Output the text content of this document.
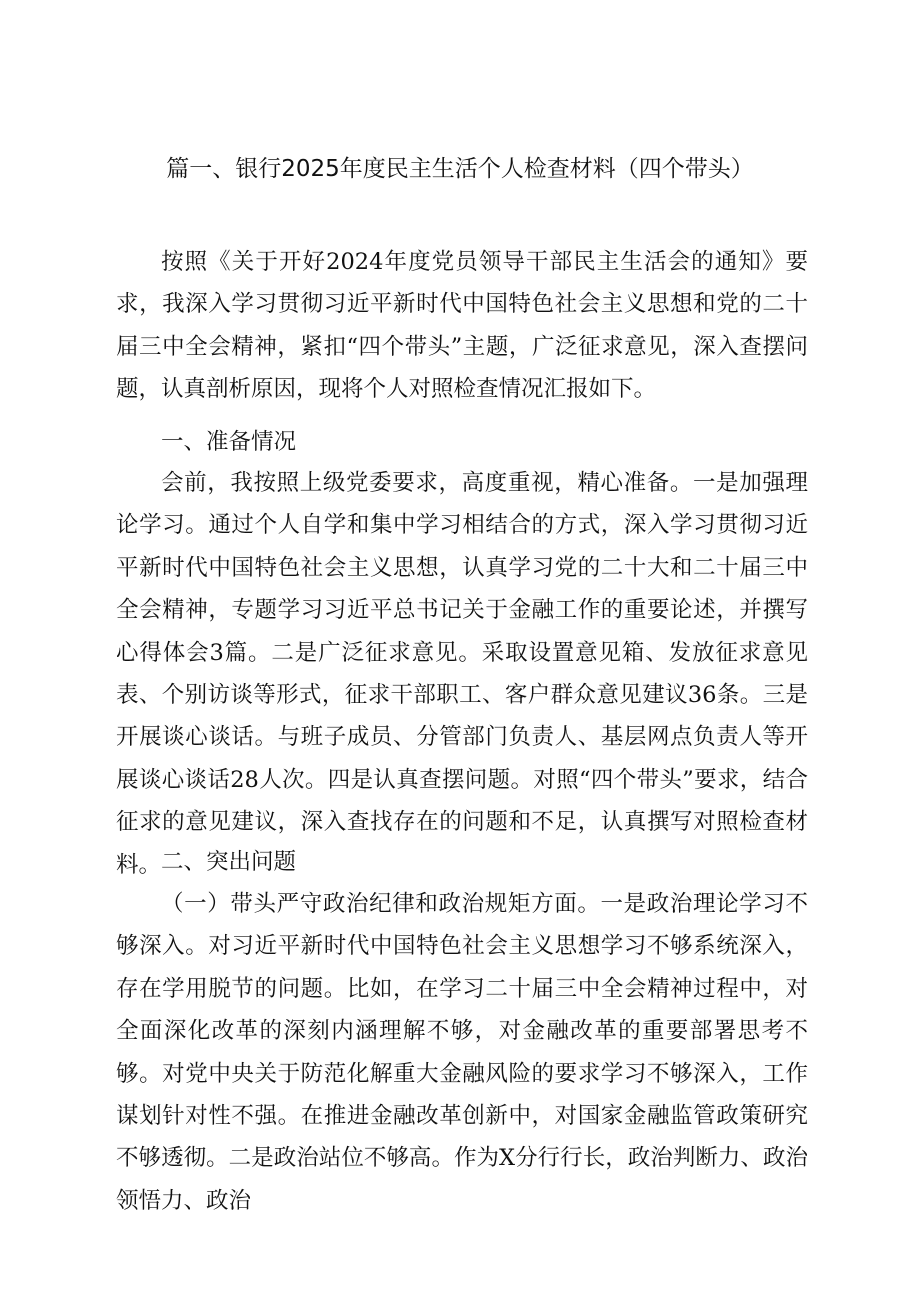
篇一、银行2025年度民主生活个人检查材料（四个带头）

按照《关于开好2024年度党员领导干部民主生活会的通知》要求，我深入学习贯彻习近平新时代中国特色社会主义思想和党的二十届三中全会精神，紧扣“四个带头”主题，广泛征求意见，深入查摆问题，认真剖析原因，现将个人对照检查情况汇报如下。

一、准备情况

会前，我按照上级党委要求，高度重视，精心准备。一是加强理论学习。通过个人自学和集中学习相结合的方式，深入学习贯彻习近平新时代中国特色社会主义思想，认真学习党的二十大和二十届三中全会精神，专题学习习近平总书记关于金融工作的重要论述，并撰写心得体会3篇。二是广泛征求意见。采取设置意见箱、发放征求意见表、个别访谈等形式，征求干部职工、客户群众意见建议36条。三是开展谈心谈话。与班子成员、分管部门负责人、基层网点负责人等开展谈心谈话28人次。四是认真查摆问题。对照“四个带头”要求，结合征求的意见建议，深入查找存在的问题和不足，认真撰写对照检查材料。 二、突出问题

（一）带头严守政治纪律和政治规矩方面。一是政治理论学习不够深入。对习近平新时代中国特色社会主义思想学习不够系统深入，存在学用脱节的问题。比如，在学习二十届三中全会精神过程中，对全面深化改革的深刻内涵理解不够，对金融改革的重要部署思考不够。对党中央关于防范化解重大金融风险的要求学习不够深入，工作谋划针对性不强。在推进金融改革创新中，对国家金融监管政策研究不够透彻。二是政治站位不够高。作为X分行行长，政治判断力、政治领悟力、政治
